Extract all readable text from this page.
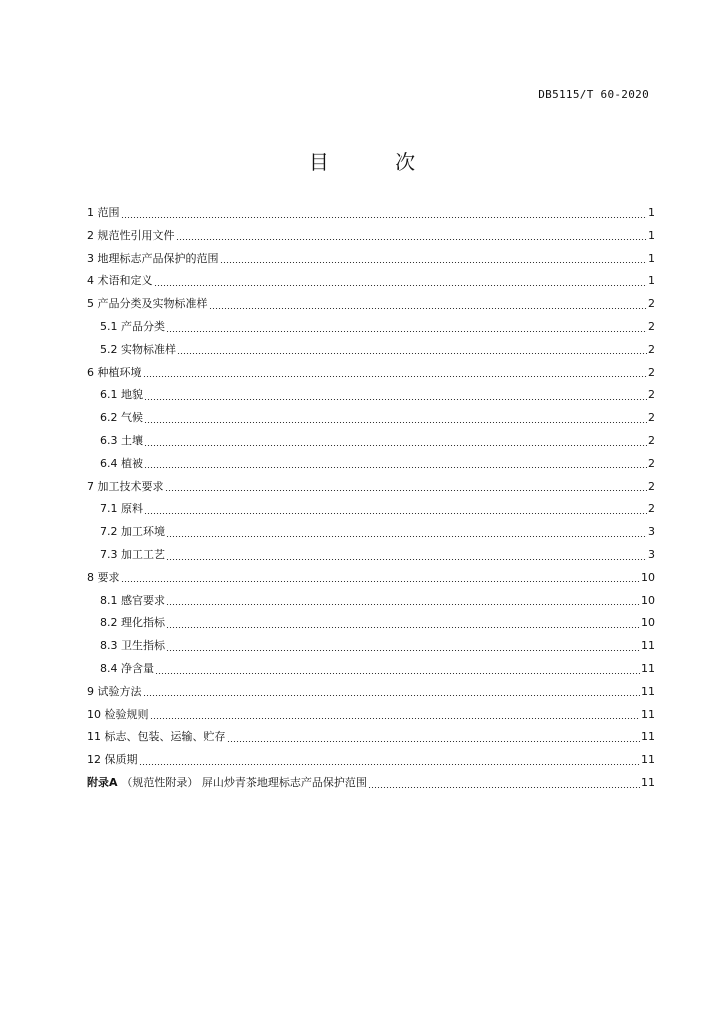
DB5115/T 60-2020
目 次
1 范围	1
2 规范性引用文件	1
3 地理标志产品保护的范围	1
4 术语和定义	1
5 产品分类及实物标准样	2
5.1 产品分类	2
5.2 实物标准样	2
6 种植环境	2
6.1 地貌	2
6.2 气候	2
6.3 土壤	2
6.4 植被	2
7 加工技术要求	2
7.1 原料	2
7.2 加工环境	3
7.3 加工工艺	3
8 要求	10
8.1 感官要求	10
8.2 理化指标	10
8.3 卫生指标	11
8.4 净含量	11
9 试验方法	11
10 检验规则	11
11 标志、包装、运输、贮存	11
12 保质期	11
附录A （规范性附录） 屏山炒青茶地理标志产品保护范围	11
